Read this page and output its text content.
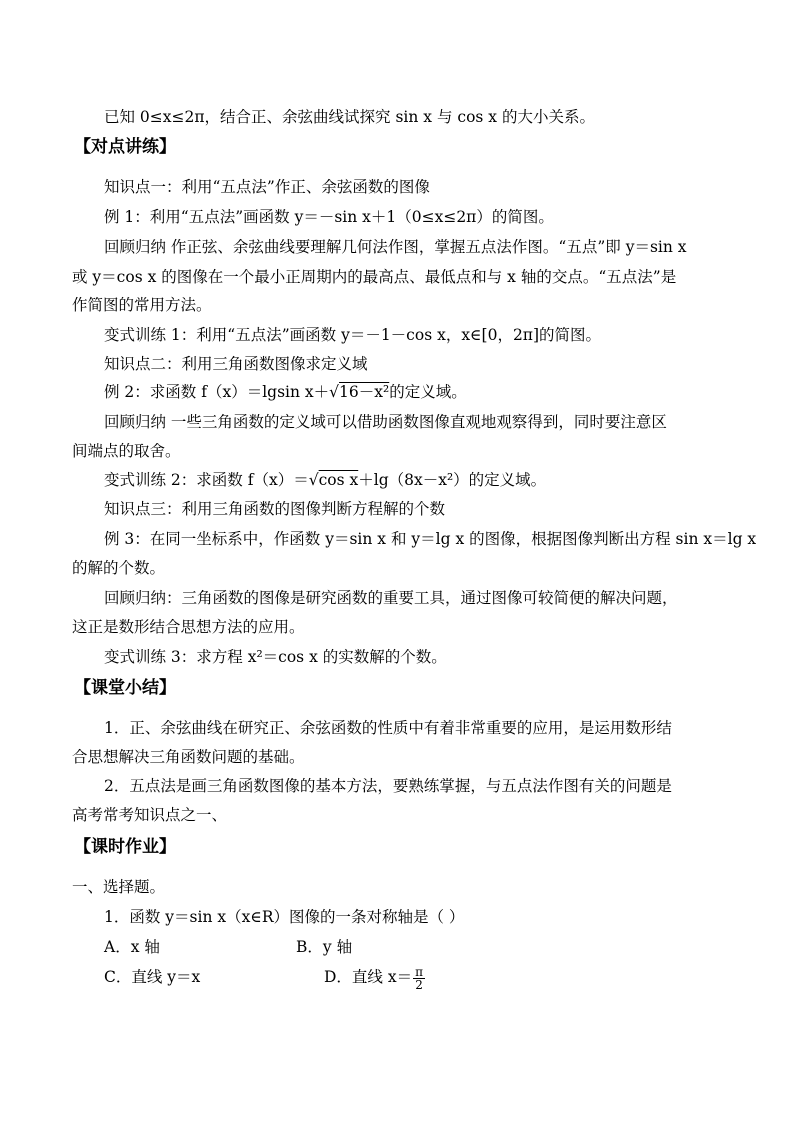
已知 0≤x≤2π，结合正、余弦曲线试探究 sin x 与 cos x 的大小关系。
【对点讲练】
知识点一：利用“五点法”作正、余弦函数的图像
例 1：利用“五点法”画函数 y＝－sin x＋1（0≤x≤2π）的简图。
回顾归纳 作正弦、余弦曲线要理解几何法作图，掌握五点法作图。“五点”即 y＝sin x
或 y＝cos x 的图像在一个最小正周期内的最高点、最低点和与 x 轴的交点。“五点法”是
作简图的常用方法。
变式训练 1：利用“五点法”画函数 y＝－1－cos x，x∈[0，2π]的简图。
知识点二：利用三角函数图像求定义域
例 2：求函数 f（x）＝lgsin x＋√16－x²的定义域。
回顾归纳 一些三角函数的定义域可以借助函数图像直观地观察得到，同时要注意区
间端点的取舍。
变式训练 2：求函数 f（x）＝√cos x＋lg（8x－x²）的定义域。
知识点三：利用三角函数的图像判断方程解的个数
例 3：在同一坐标系中，作函数 y＝sin x 和 y＝lg x 的图像，根据图像判断出方程 sin x＝lg x
的解的个数。
回顾归纳：三角函数的图像是研究函数的重要工具，通过图像可较简便的解决问题，
这正是数形结合思想方法的应用。
变式训练 3：求方程 x²＝cos x 的实数解的个数。
【课堂小结】
1．正、余弦曲线在研究正、余弦函数的性质中有着非常重要的应用，是运用数形结
合思想解决三角函数问题的基础。
2．五点法是画三角函数图像的基本方法，要熟练掌握，与五点法作图有关的问题是
高考常考知识点之一、
【课时作业】
一、选择题。
1．函数 y＝sin x（x∈R）图像的一条对称轴是（ ）
A．x 轴	B．y 轴
C．直线 y＝x	D．直线 $x= \frac{\pi}{2}$
